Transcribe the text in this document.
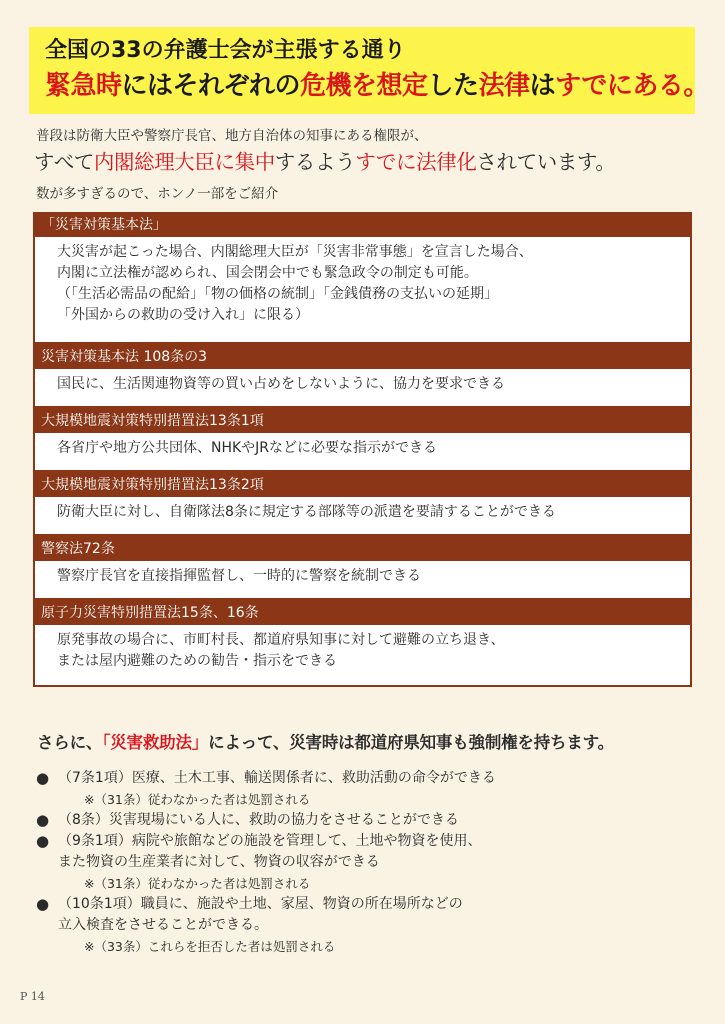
全国の33の弁護士会が主張する通り
緊急時にはそれぞれの危機を想定した法律はすでにある。
普段は防衛大臣や警察庁長官、地方自治体の知事にある権限が、
すべて内閣総理大臣に集中するようすでに法律化されています。
数が多すぎるので、ホンノ一部をご紹介
「災害対策基本法」
大災害が起こった場合、内閣総理大臣が「災害非常事態」を宣言した場合、
内閣に立法権が認められ、国会閉会中でも緊急政令の制定も可能。
（「生活必需品の配給」「物の価格の統制」「金銭債務の支払いの延期」
「外国からの救助の受け入れ」に限る）
災害対策基本法 108条の3
国民に、生活関連物資等の買い占めをしないように、協力を要求できる
大規模地震対策特別措置法13条1項
各省庁や地方公共団体、NHKやJRなどに必要な指示ができる
大規模地震対策特別措置法13条2項
防衛大臣に対し、自衛隊法8条に規定する部隊等の派遣を要請することができる
警察法72条
警察庁長官を直接指揮監督し、一時的に警察を統制できる
原子力災害特別措置法15条、16条
原発事故の場合に、市町村長、都道府県知事に対して避難の立ち退き、
または屋内避難のための勧告・指示をできる
さらに、「災害救助法」によって、災害時は都道府県知事も強制権を持ちます。
● （7条1項）医療、土木工事、輸送関係者に、救助活動の命令ができる
※（31条）従わなかった者は処罰される
● （8条）災害現場にいる人に、救助の協力をさせることができる
● （9条1項）病院や旅館などの施設を管理して、土地や物資を使用、
また物資の生産業者に対して、物資の収容ができる
※（31条）従わなかった者は処罰される
● （10条1項）職員に、施設や土地、家屋、物資の所在場所などの
立入検査をさせることができる。
※（33条）これらを拒否した者は処罰される
P 14
